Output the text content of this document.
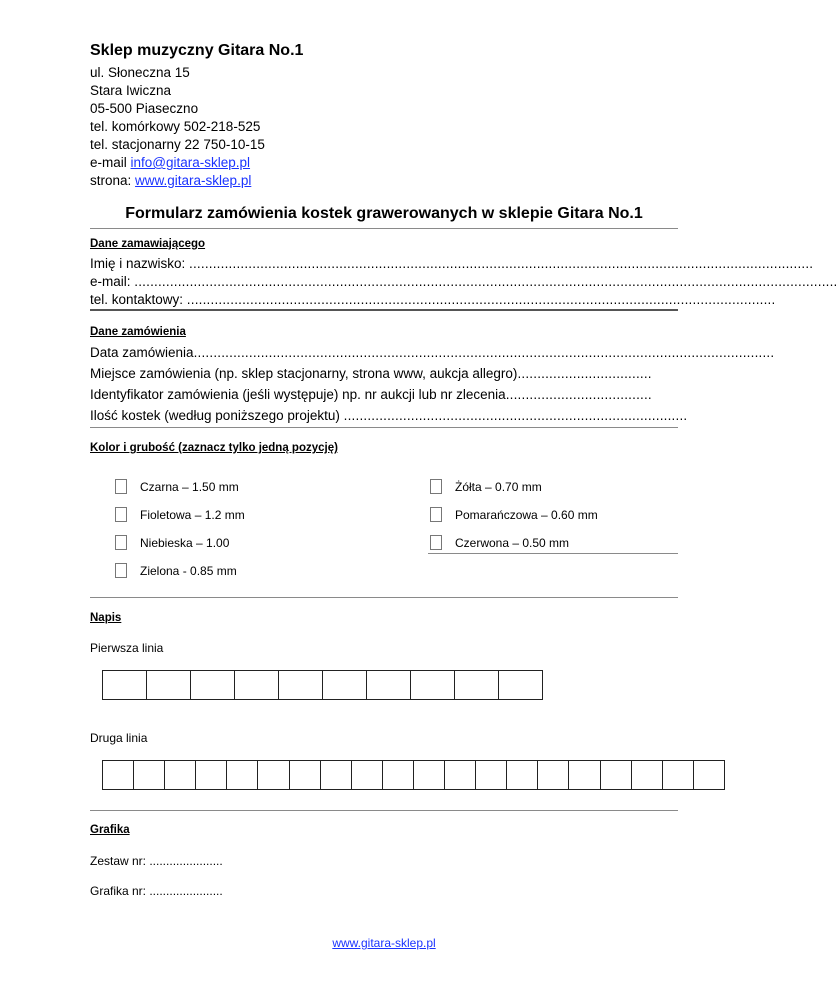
Sklep muzyczny Gitara No.1
ul. Słoneczna 15
Stara Iwiczna
05-500 Piaseczno
tel. komórkowy 502-218-525
tel. stacjonarny 22 750-10-15
e-mail info@gitara-sklep.pl
strona: www.gitara-sklep.pl
Formularz zamówienia kostek grawerowanych w sklepie Gitara No.1
Dane zamawiającego
Imię i nazwisko: ..............................................................................................................................................................
e-mail: ..................................................................................................................................................................................
tel. kontaktowy: .....................................................................................................................................................
Dane zamówienia
Data zamówienia...................................................................................................................................................
Miejsce zamówienia (np. sklep stacjonarny, strona www, aukcja allegro)..................................
Identyfikator zamówienia (jeśli występuje) np. nr aukcji lub nr zlecenia.....................................
Ilość kostek (według poniższego projektu) .......................................................................................
Kolor i grubość (zaznacz tylko jedną pozycję)
Czarna – 1.50 mm
Fioletowa – 1.2 mm
Niebieska – 1.00
Zielona - 0.85 mm
Żółta – 0.70 mm
Pomarańczowa – 0.60 mm
Czerwona – 0.50 mm
Napis
Pierwsza linia
Druga linia
Grafika
Zestaw nr: ......................
Grafika nr: ......................
www.gitara-sklep.pl
